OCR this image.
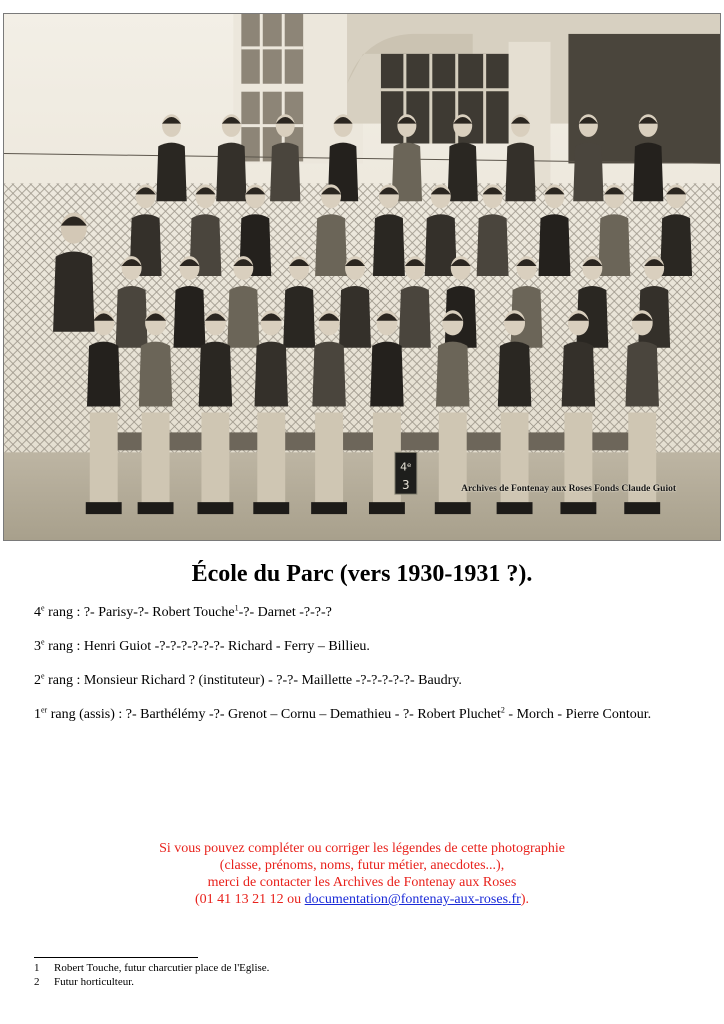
4ᵉ
3	Archives de Fontenay aux Roses Fonds Claude Guiot
École du Parc (vers 1930-1931 ?).
4e rang : ?- Parisy-?- Robert Touche$^1$-?- Darnet -?-?-?
3e rang : Henri Guiot -?-?-?-?-?-?- Richard - Ferry – Billieu.
2e rang : Monsieur Richard ? (instituteur) - ?-?- Maillette -?-?-?-?-?- Baudry.
1er rang (assis) : ?- Barthélémy -?- Grenot – Cornu – Demathieu - ?- Robert Pluchet$^2$ - Morch - Pierre Contour.
Si vous pouvez compléter ou corriger les légendes de cette photographie
(classe, prénoms, noms, futur métier, anecdotes...),
merci de contacter les Archives de Fontenay aux Roses
(01 41 13 21 12 ou documentation@fontenay-aux-roses.fr).
1 Robert Touche, futur charcutier place de l'Eglise.
2 Futur horticulteur.
